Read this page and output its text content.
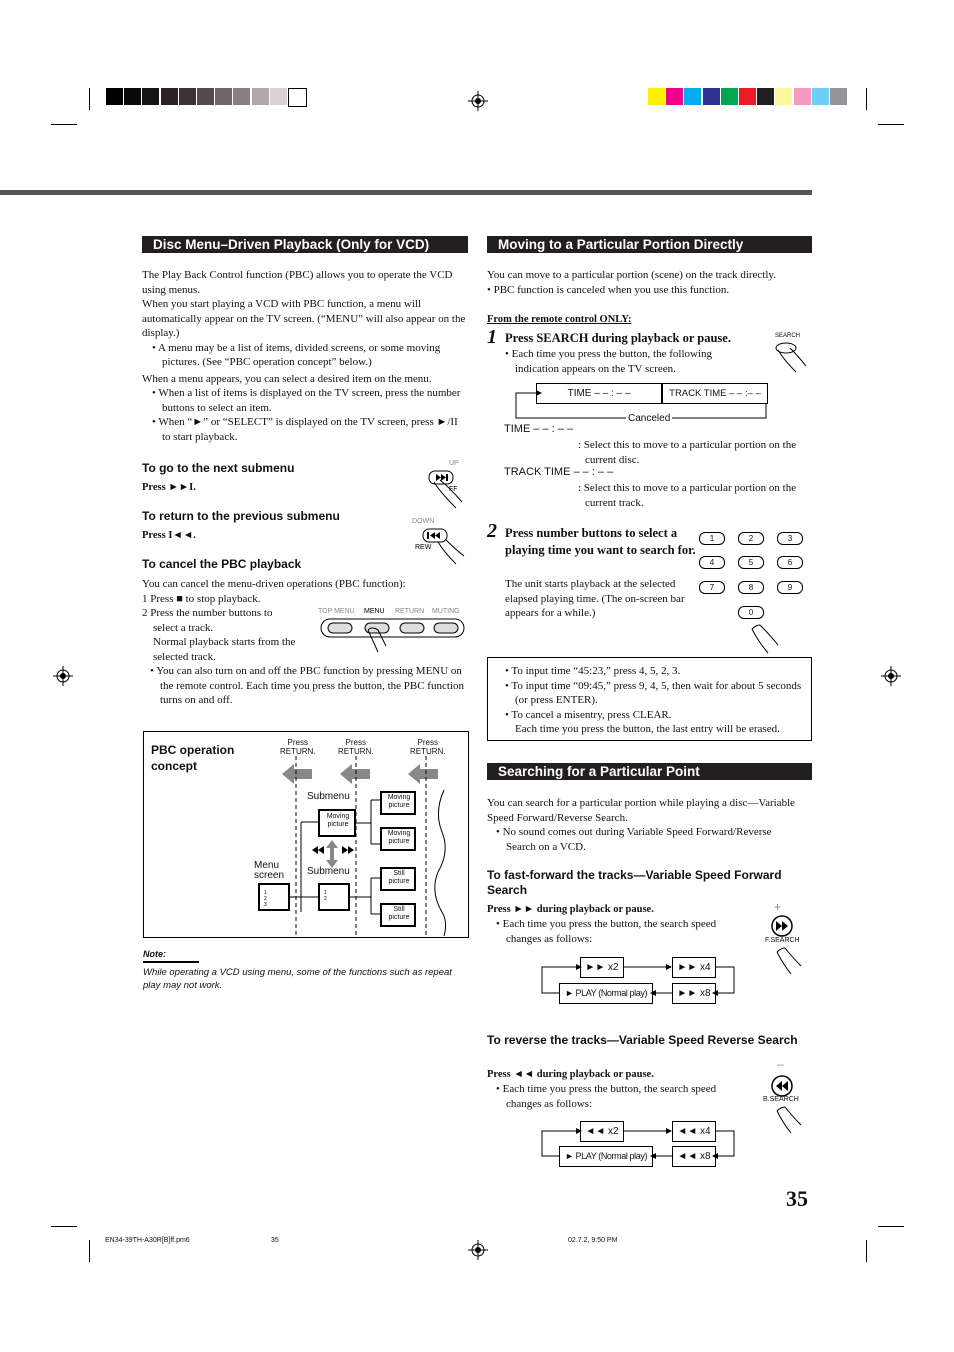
Disc Menu–Driven Playback (Only for VCD)

The Play Back Control function (PBC) allows you to operate the VCD using menus.

When you start playing a VCD with PBC function, a menu will automatically appear on the TV screen. (“MENU” will also appear on the display.)

• A menu may be a list of items, divided screens, or some moving pictures. (See “PBC operation concept” below.)

When a menu appears, you can select a desired item on the menu.

• When a list of items is displayed on the TV screen, press the number buttons to select an item.

• When “►” or “SELECT” is displayed on the TV screen, press ►/II to start playback.

To go to the next submenu
Press ►►I.
UP
FF
To return to the previous submenu
Press I◄◄.
DOWN
REW
To cancel the PBC playback

You can cancel the menu-driven operations (PBC function):

1 Press ■ to stop playback.

2 Press the number buttons to

select a track.

Normal playback starts from the

selected track.

• You can also turn on and off the PBC function by pressing MENU on the remote control. Each time you press the button, the PBC function turns on and off.

TOP MENU MENU RETURN MUTING
PBC operation
concept
Press
RETURN.
Press
RETURN.
Press
RETURN.
1
2
3
1
2
Submenu
Submenu
Menu screen
Moving picture
Moving picture
Moving picture
Still picture
Still picture
Note:
While operating a VCD using menu, some of the functions such as repeat play may not work.
Moving to a Particular Portion Directly

You can move to a particular portion (scene) on the track directly.

• PBC function is canceled when you use this function.

From the remote control ONLY:
1 Press SEARCH during playback or pause.
• Each time you press the button, the following indication appears on the TV screen.
SEARCH
TIME – – : – –	TRACK TIME – – :– –
Canceled
TIME – – : – –
: Select this to move to a particular portion on the current disc.
TRACK TIME – – : – –
: Select this to move to a particular portion on the current track.
2 Press number buttons to select a playing time you want to search for.
The unit starts playback at the selected elapsed playing time. (The on-screen bar appears for a while.)
1	2	3
4	5	6
7	8	9
0

• To input time “45:23,” press 4, 5, 2, 3.

• To input time “09:45,” press 9, 4, 5, then wait for about 5 seconds (or press ENTER).

• To cancel a misentry, press CLEAR.

Each time you press the button, the last entry will be erased.

Searching for a Particular Point

You can search for a particular portion while playing a disc—Variable Speed Forward/Reverse Search.

• No sound comes out during Variable Speed Forward/Reverse Search on a VCD.

To fast-forward the tracks—Variable Speed Forward Search
Press ►► during playback or pause.
• Each time you press the button, the search speed changes as follows:
+
F.SEARCH
►► x2	►► x4
►► x8
► PLAY (Normal play)
To reverse the tracks—Variable Speed Reverse Search
Press ◄◄ during playback or pause.
• Each time you press the button, the search speed changes as follows:
–
B.SEARCH
◄◄ x2	◄◄ x4
◄◄ x8
► PLAY (Normal play)
35
EN34-39TH-A30R[B]ff.pm6	35	02.7.2, 9:50 PM
